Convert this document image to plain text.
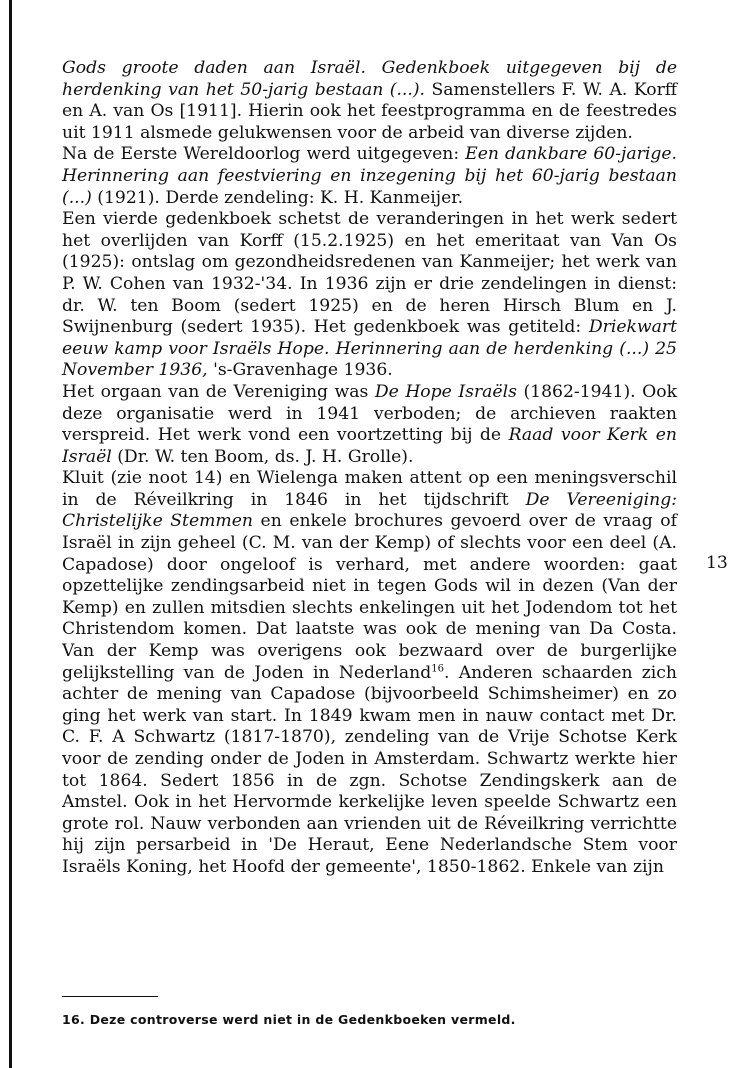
Gods groote daden aan Israël. Gedenkboek uitgegeven bij de herdenking van het 50-jarig bestaan (...). Samenstellers F. W. A. Korff en A. van Os [1911]. Hierin ook het feestprogramma en de feestredes uit 1911 alsmede gelukwensen voor de arbeid van diverse zijden.

Na de Eerste Wereldoorlog werd uitgegeven: Een dankbare 60-jarige. Herinnering aan feestviering en inzegening bij het 60-jarig bestaan (...) (1921). Derde zendeling: K. H. Kanmeijer.

Een vierde gedenkboek schetst de veranderingen in het werk sedert het overlijden van Korff (15.2.1925) en het emeritaat van Van Os (1925): ontslag om gezondheidsredenen van Kanmeijer; het werk van P. W. Cohen van 1932-'34. In 1936 zijn er drie zendelingen in dienst: dr. W. ten Boom (sedert 1925) en de heren Hirsch Blum en J. Swijnenburg (sedert 1935). Het gedenkboek was getiteld: Driekwart eeuw kamp voor Israëls Hope. Herinnering aan de herdenking (...) 25 November 1936, 's-Gravenhage 1936.

Het orgaan van de Vereniging was De Hope Israëls (1862-1941). Ook deze organisatie werd in 1941 verboden; de archieven raakten verspreid. Het werk vond een voortzetting bij de Raad voor Kerk en Israël (Dr. W. ten Boom, ds. J. H. Grolle).

Kluit (zie noot 14) en Wielenga maken attent op een meningsverschil in de Réveilkring in 1846 in het tijdschrift De Vereeniging: Christelijke Stemmen en enkele brochures gevoerd over de vraag of Israël in zijn geheel (C. M. van der Kemp) of slechts voor een deel (A. Capadose) door ongeloof is verhard, met andere woorden: gaat opzettelijke zendingsarbeid niet in tegen Gods wil in dezen (Van der Kemp) en zullen mitsdien slechts enkelingen uit het Jodendom tot het Christendom komen. Dat laatste was ook de mening van Da Costa. Van der Kemp was overigens ook bezwaard over de burgerlijke gelijkstelling van de Joden in Nederland$^{16}$. Anderen schaarden zich achter de mening van Capadose (bijvoorbeeld Schimsheimer) en zo ging het werk van start. In 1849 kwam men in nauw contact met Dr. C. F. A Schwartz (1817-1870), zendeling van de Vrije Schotse Kerk voor de zending onder de Joden in Amsterdam. Schwartz werkte hier tot 1864. Sedert 1856 in de zgn. Schotse Zendingskerk aan de Amstel. Ook in het Hervormde kerkelijke leven speelde Schwartz een grote rol. Nauw verbonden aan vrienden uit de Réveilkring verrichtte hij zijn persarbeid in 'De Heraut, Eene Nederlandsche Stem voor Israëls Koning, het Hoofd der gemeente', 1850-1862. Enkele van zijn

13
16. Deze controverse werd niet in de Gedenkboeken vermeld.
